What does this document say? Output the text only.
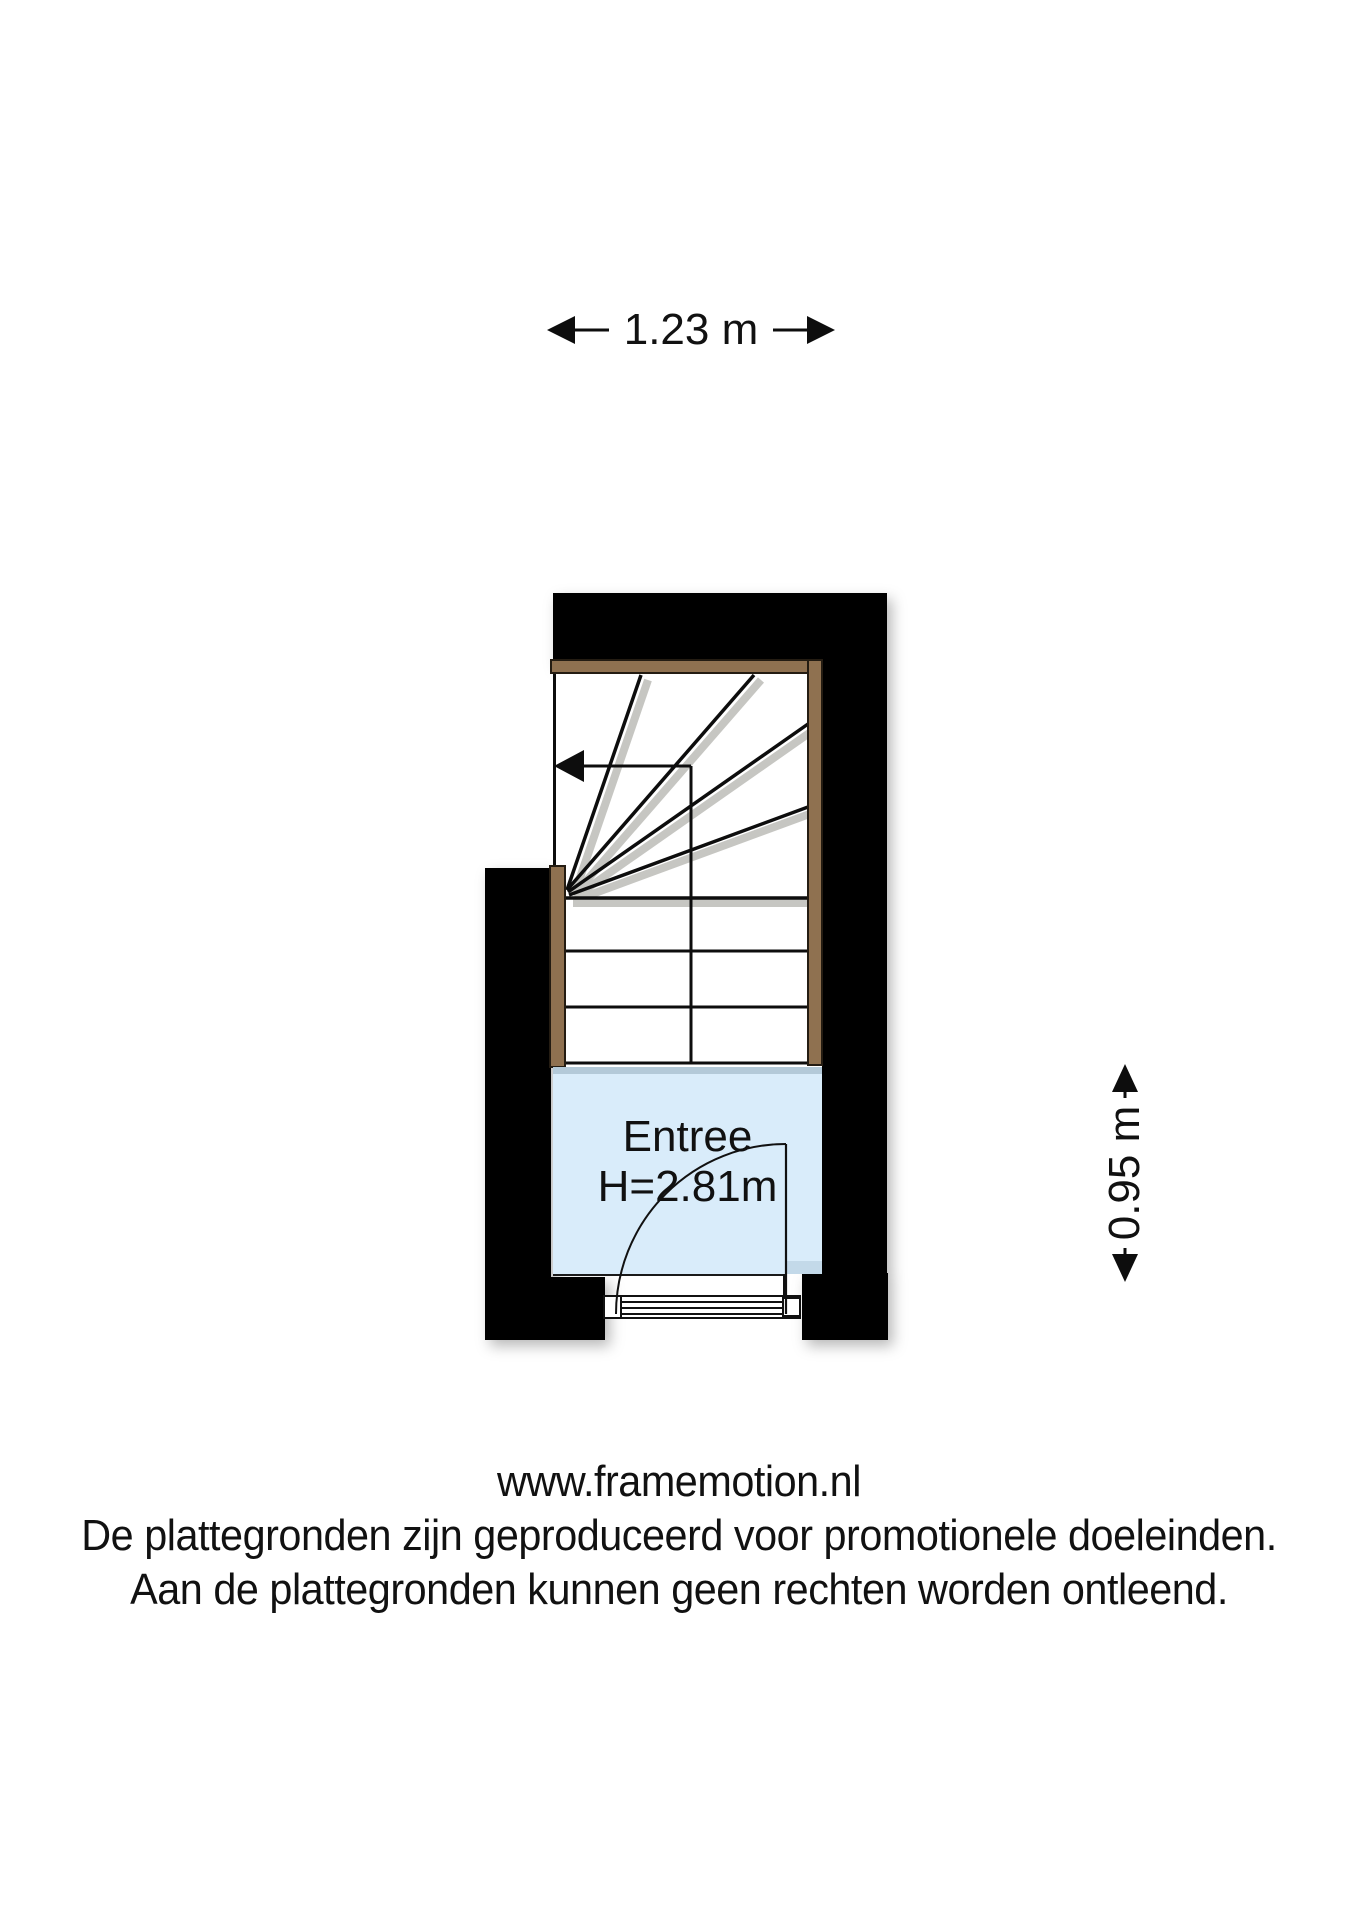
1.23 m
Entree
H=2.81m	0.95 m
www.framemotion.nl
De plattegronden zijn geproduceerd voor promotionele doeleinden.
Aan de plattegronden kunnen geen rechten worden ontleend.
